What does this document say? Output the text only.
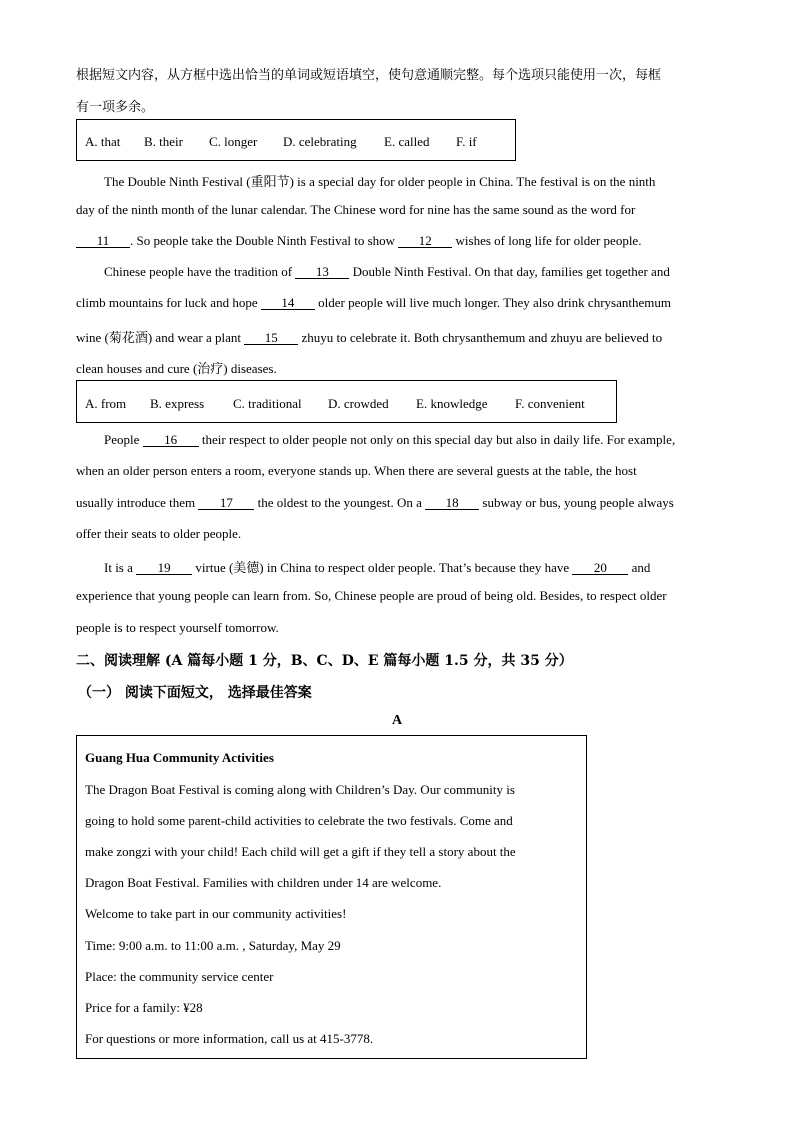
根据短文内容，从方框中选出恰当的单词或短语填空，使句意通顺完整。每个选项只能使用一次，每框
有一项多余。
A. that B. their C. longer D. celebrating E. called F. if
The Double Ninth Festival (重阳节) is a special day for older people in China. The festival is on the ninth
day of the ninth month of the lunar calendar. The Chinese word for nine has the same sound as the word for
11 . So people take the Double Ninth Festival to show 12 wishes of long life for older people.
Chinese people have the tradition of 13 Double Ninth Festival. On that day, families get together and
climb mountains for luck and hope 14 older people will live much longer. They also drink chrysanthemum
wine (菊花酒) and wear a plant 15 zhuyu to celebrate it. Both chrysanthemum and zhuyu are believed to
clean houses and cure (治疗) diseases.
A. from B. express C. traditional D. crowded E. knowledge F. convenient
People 16 their respect to older people not only on this special day but also in daily life. For example,
when an older person enters a room, everyone stands up. When there are several guests at the table, the host
usually introduce them 17 the oldest to the youngest. On a 18 subway or bus, young people always
offer their seats to older people.
It is a 19 virtue (美德) in China to respect older people. That’s because they have 20 and
experience that young people can learn from. So, Chinese people are proud of being old. Besides, to respect older
people is to respect yourself tomorrow.
二、阅读理解 (A 篇每小题 1 分，B、C、D、E 篇每小题 1.5 分，共 35 分）
（一） 阅读下面短文， 选择最佳答案
A
Guang Hua Community Activities
The Dragon Boat Festival is coming along with Children’s Day. Our community is
going to hold some parent-child activities to celebrate the two festivals. Come and
make zongzi with your child! Each child will get a gift if they tell a story about the
Dragon Boat Festival. Families with children under 14 are welcome.
Welcome to take part in our community activities!
Time: 9:00 a.m. to 11:00 a.m. , Saturday, May 29
Place: the community service center
Price for a family: ¥28
For questions or more information, call us at 415-3778.
